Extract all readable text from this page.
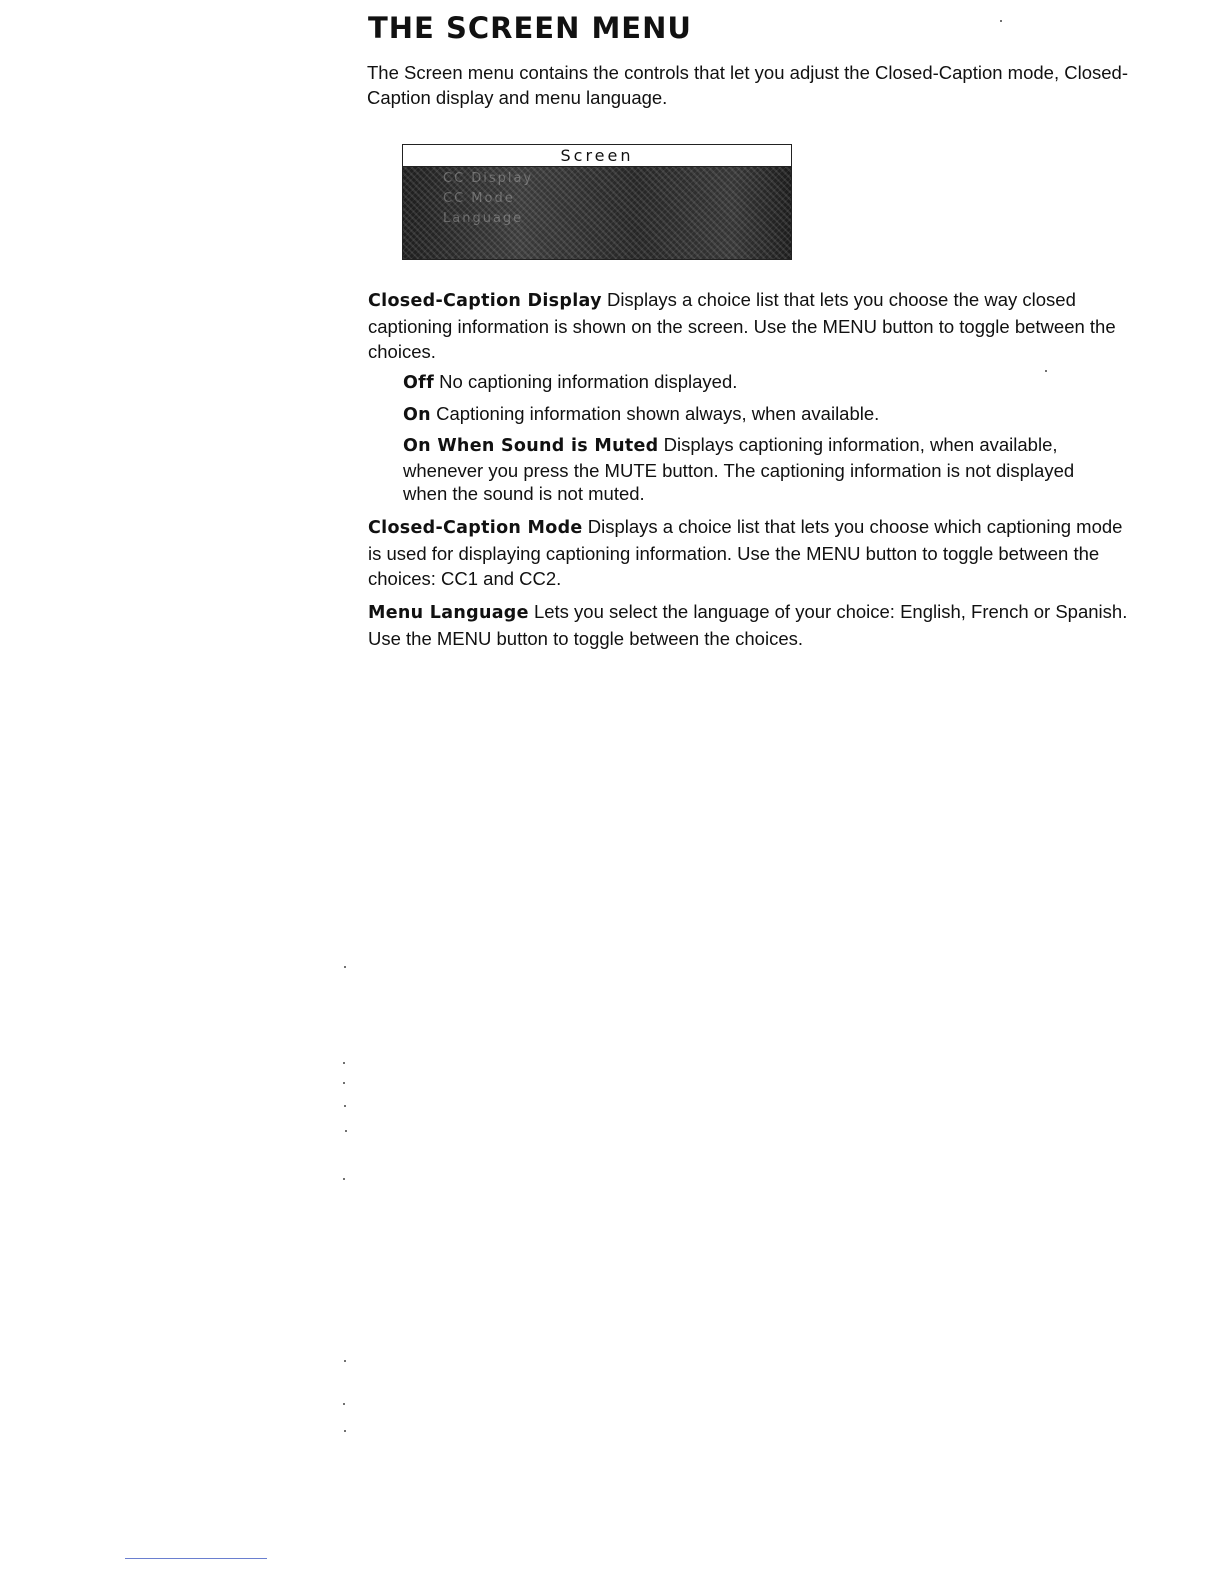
THE SCREEN MENU

The Screen menu contains the controls that let you adjust the Closed-Caption mode, Closed-Caption display and menu language.

Screen
CC Display
CC Mode
Language

Closed-Caption Display Displays a choice list that lets you choose the way closed captioning information is shown on the screen. Use the MENU button to toggle between the choices.

Off No captioning information displayed.

On Captioning information shown always, when available.

On When Sound is Muted Displays captioning information, when available, whenever you press the MUTE button. The captioning information is not displayed when the sound is not muted.

Closed-Caption Mode Displays a choice list that lets you choose which captioning mode is used for displaying captioning information. Use the MENU button to toggle between the choices: CC1 and CC2.

Menu Language Lets you select the language of your choice: English, French or Spanish. Use the MENU button to toggle between the choices.
